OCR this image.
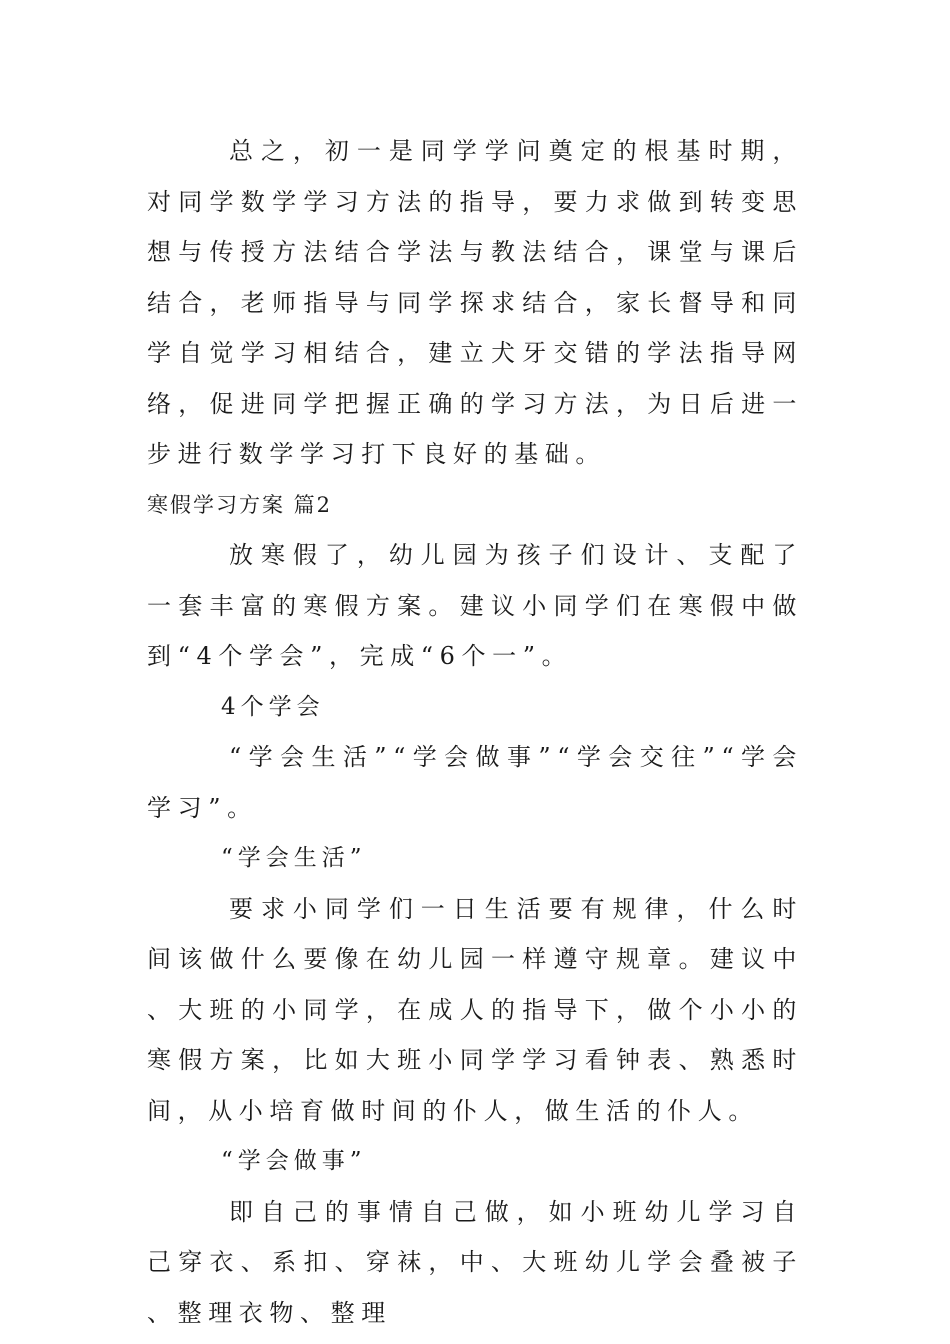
总之，初一是同学学问奠定的根基时期，对同学数学学习方法的指导，要力求做到转变思想与传授方法结合学法与教法结合，课堂与课后结合，老师指导与同学探求结合，家长督导和同学自觉学习相结合，建立犬牙交错的学法指导网络，促进同学把握正确的学习方法，为日后进一步进行数学学习打下良好的基础。

寒假学习方案 篇2

放寒假了，幼儿园为孩子们设计、支配了一套丰富的寒假方案。建议小同学们在寒假中做到“4个学会”，完成“6个一”。

4个学会

“学会生活”“学会做事”“学会交往”“学会学习”。

“学会生活”

要求小同学们一日生活要有规律，什么时间该做什么要像在幼儿园一样遵守规章。建议中、大班的小同学，在成人的指导下，做个小小的寒假方案，比如大班小同学学习看钟表、熟悉时间，从小培育做时间的仆人，做生活的仆人。

“学会做事”

即自己的事情自己做，如小班幼儿学习自己穿衣、系扣、穿袜，中、大班幼儿学会叠被子、整理衣物、整理
